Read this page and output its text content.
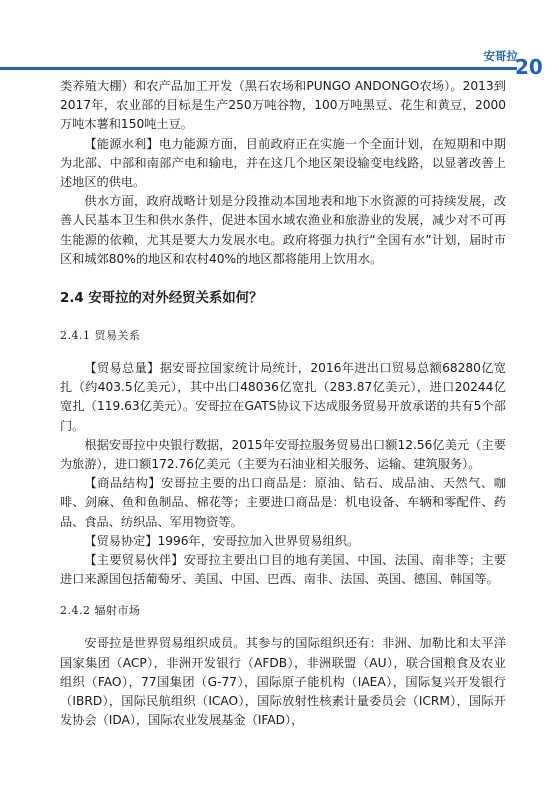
安哥拉
20

类养殖大棚）和农产品加工开发（黑石农场和PUNGO ANDONGO农场）。2013到2017年，农业部的目标是生产250万吨谷物，100万吨黑豆、花生和黄豆，2000万吨木薯和150吨土豆。

【能源水利】电力能源方面，目前政府正在实施一个全面计划，在短期和中期为北部、中部和南部产电和输电，并在这几个地区架设输变电线路，以显著改善上述地区的供电。

供水方面，政府战略计划是分段推动本国地表和地下水资源的可持续发展，改善人民基本卫生和供水条件，促进本国水域农渔业和旅游业的发展，减少对不可再生能源的依赖，尤其是要大力发展水电。政府将强力执行“全国有水”计划，届时市区和城郊80%的地区和农村40%的地区都将能用上饮用水。

2.4 安哥拉的对外经贸关系如何？
2.4.1 贸易关系

【贸易总量】据安哥拉国家统计局统计，2016年进出口贸易总额68280亿宽扎（约403.5亿美元），其中出口48036亿宽扎（283.87亿美元），进口20244亿宽扎（119.63亿美元）。安哥拉在GATS协议下达成服务贸易开放承诺的共有5个部门。

根据安哥拉中央银行数据，2015年安哥拉服务贸易出口额12.56亿美元（主要为旅游），进口额172.76亿美元（主要为石油业相关服务、运输、建筑服务）。

【商品结构】安哥拉主要的出口商品是：原油、钻石、成品油、天然气、咖啡、剑麻、鱼和鱼制品、棉花等；主要进口商品是：机电设备、车辆和零配件、药品、食品、纺织品、军用物资等。

【贸易协定】1996年，安哥拉加入世界贸易组织。

【主要贸易伙伴】安哥拉主要出口目的地有美国、中国、法国、南非等；主要进口来源国包括葡萄牙、美国、中国、巴西、南非、法国、英国、德国、韩国等。

2.4.2 辐射市场

安哥拉是世界贸易组织成员。其参与的国际组织还有：非洲、加勒比和太平洋国家集团（ACP），非洲开发银行（AFDB），非洲联盟（AU），联合国粮食及农业组织（FAO），77国集团（G-77），国际原子能机构（IAEA），国际复兴开发银行（IBRD），国际民航组织（ICAO），国际放射性核素计量委员会（ICRM），国际开发协会（IDA），国际农业发展基金（IFAD），
